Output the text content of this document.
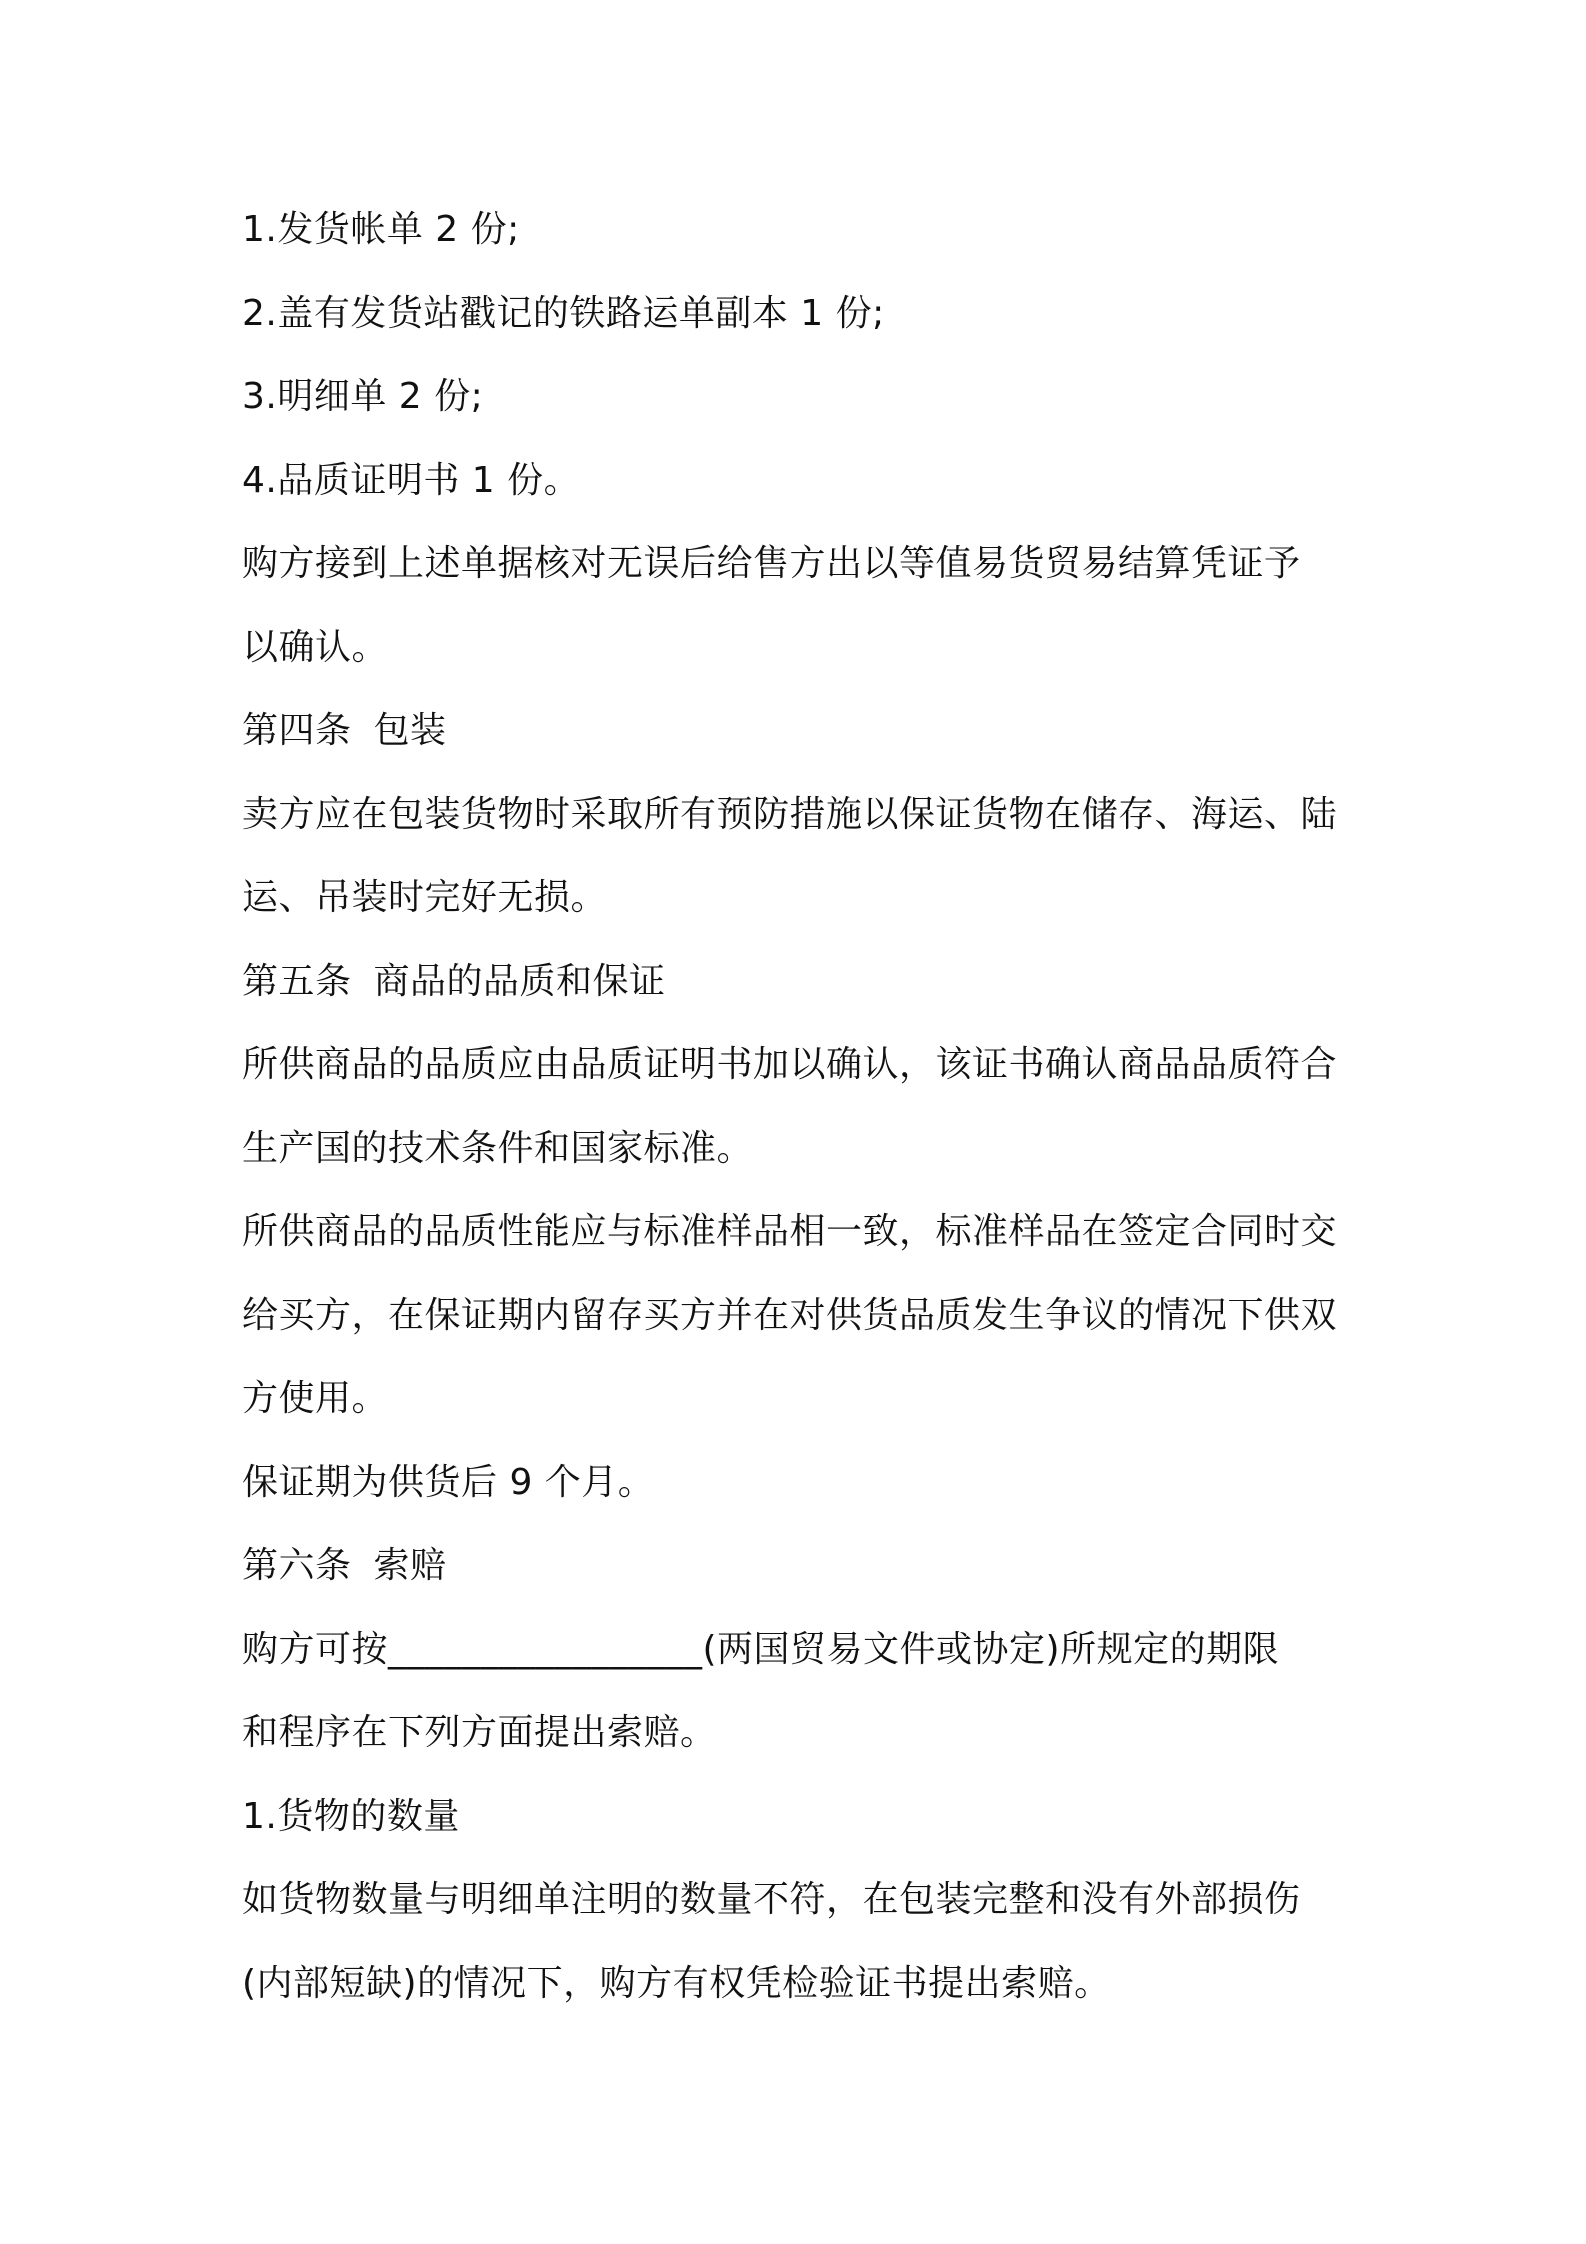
1.发货帐单 2 份;
2.盖有发货站戳记的铁路运单副本 1 份;
3.明细单 2 份;
4.品质证明书 1 份。
购方接到上述单据核对无误后给售方出以等值易货贸易结算凭证予
以确认。
第四条 包装
卖方应在包装货物时采取所有预防措施以保证货物在储存、海运、陆
运、吊装时完好无损。
第五条 商品的品质和保证
所供商品的品质应由品质证明书加以确认，该证书确认商品品质符合
生产国的技术条件和国家标准。
所供商品的品质性能应与标准样品相一致，标准样品在签定合同时交
给买方，在保证期内留存买方并在对供货品质发生争议的情况下供双
方使用。
保证期为供货后 9 个月。
第六条 索赔
购方可按_________________(两国贸易文件或协定)所规定的期限
和程序在下列方面提出索赔。
1.货物的数量
如货物数量与明细单注明的数量不符，在包装完整和没有外部损伤
(内部短缺)的情况下，购方有权凭检验证书提出索赔。
